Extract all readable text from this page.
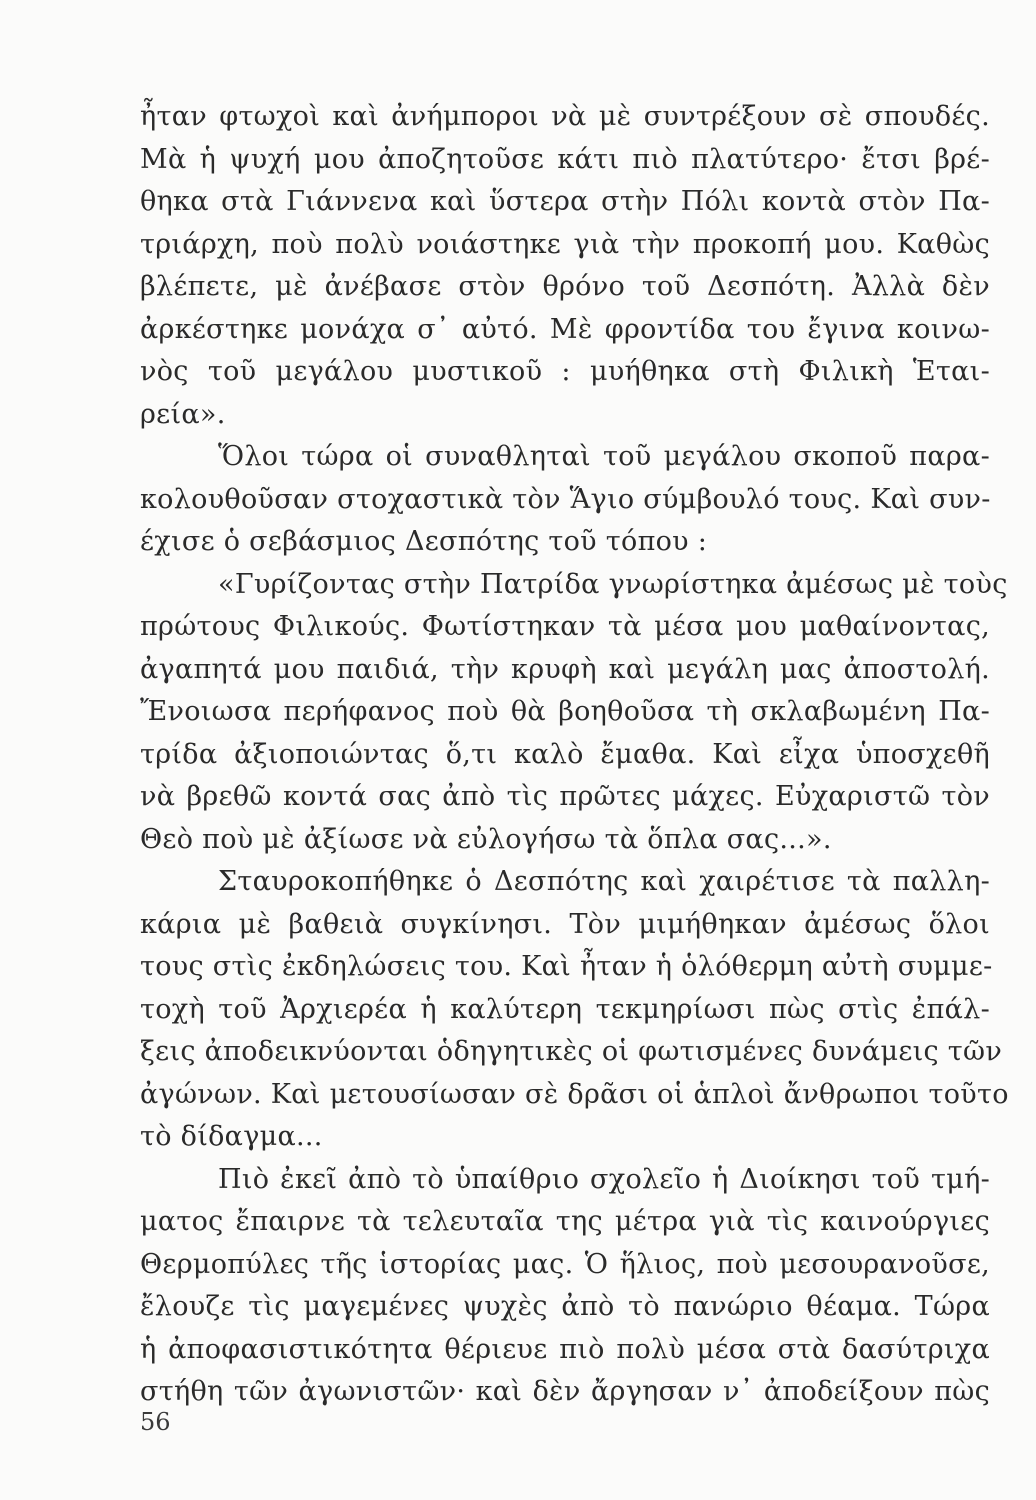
ἦταν φτωχοὶ καὶ ἀνήμποροι νὰ μὲ συντρέξουν σὲ σπουδές.
Μὰ ἡ ψυχή μου ἀποζητοῦσε κάτι πιὸ πλατύτερο· ἔτσι βρέ-
θηκα στὰ Γιάννενα καὶ ὕστερα στὴν Πόλι κοντὰ στὸν Πα-
τριάρχη, ποὺ πολὺ νοιάστηκε γιὰ τὴν προκοπή μου. Καθὼς
βλέπετε, μὲ ἀνέβασε στὸν θρόνο τοῦ Δεσπότη. Ἀλλὰ δὲν
ἀρκέστηκε μονάχα σ᾽ αὐτό. Μὲ φροντίδα του ἔγινα κοινω-
νὸς τοῦ μεγάλου μυστικοῦ : μυήθηκα στὴ Φιλικὴ Ἑται-
ρεία».
Ὅλοι τώρα οἱ συναθληταὶ τοῦ μεγάλου σκοποῦ παρα-
κολουθοῦσαν στοχαστικὰ τὸν Ἅγιο σύμβουλό τους. Καὶ συν-
έχισε ὁ σεβάσμιος Δεσπότης τοῦ τόπου :
«Γυρίζοντας στὴν Πατρίδα γνωρίστηκα ἀμέσως μὲ τοὺς
πρώτους Φιλικούς. Φωτίστηκαν τὰ μέσα μου μαθαίνοντας,
ἀγαπητά μου παιδιά, τὴν κρυφὴ καὶ μεγάλη μας ἀποστολή.
Ἔνοιωσα περήφανος ποὺ θὰ βοηθοῦσα τὴ σκλαβωμένη Πα-
τρίδα ἀξιοποιώντας ὅ,τι καλὸ ἔμαθα. Καὶ εἶχα ὑποσχεθῆ
νὰ βρεθῶ κοντά σας ἀπὸ τὶς πρῶτες μάχες. Εὐχαριστῶ τὸν
Θεὸ ποὺ μὲ ἀξίωσε νὰ εὐλογήσω τὰ ὅπλα σας...».
Σταυροκοπήθηκε ὁ Δεσπότης καὶ χαιρέτισε τὰ παλλη-
κάρια μὲ βαθειὰ συγκίνησι. Τὸν μιμήθηκαν ἀμέσως ὅλοι
τους στὶς ἐκδηλώσεις του. Καὶ ἦταν ἡ ὁλόθερμη αὐτὴ συμμε-
τοχὴ τοῦ Ἀρχιερέα ἡ καλύτερη τεκμηρίωσι πὼς στὶς ἐπάλ-
ξεις ἀποδεικνύονται ὁδηγητικὲς οἱ φωτισμένες δυνάμεις τῶν
ἀγώνων. Καὶ μετουσίωσαν σὲ δρᾶσι οἱ ἁπλοὶ ἄνθρωποι τοῦτο
τὸ δίδαγμα...
Πιὸ ἐκεῖ ἀπὸ τὸ ὑπαίθριο σχολεῖο ἡ Διοίκησι τοῦ τμή-
ματος ἔπαιρνε τὰ τελευταῖα της μέτρα γιὰ τὶς καινούργιες
Θερμοπύλες τῆς ἱστορίας μας. Ὁ ἥλιος, ποὺ μεσουρανοῦσε,
ἔλουζε τὶς μαγεμένες ψυχὲς ἀπὸ τὸ πανώριο θέαμα. Τώρα
ἡ ἀποφασιστικότητα θέριευε πιὸ πολὺ μέσα στὰ δασύτριχα
στήθη τῶν ἀγωνιστῶν· καὶ δὲν ἄργησαν ν᾽ ἀποδείξουν πὼς
56
